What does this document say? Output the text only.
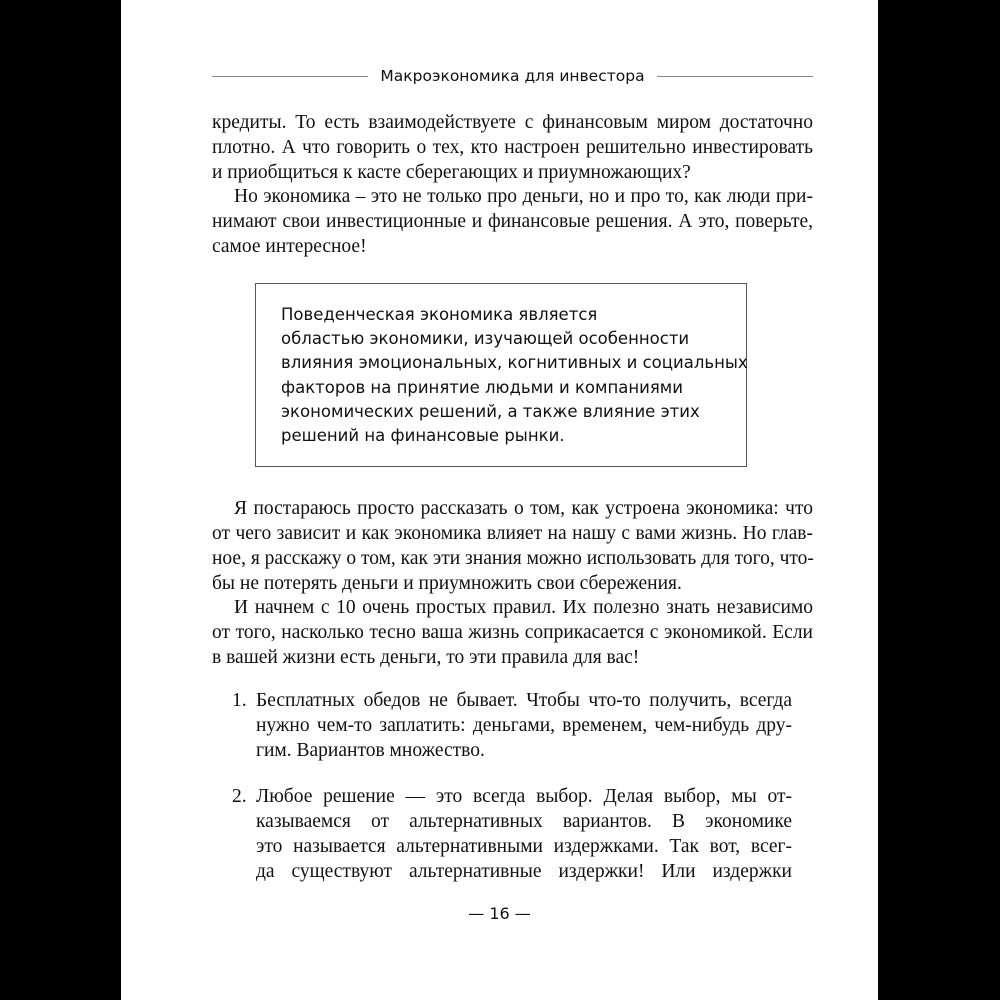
Макроэкономика для инвестора

кредиты. То есть взаимодействуете с финансовым миром достаточно
плотно. А что говорить о тех, кто настроен решительно инвестировать
и приобщиться к касте сберегающих и приумножающих?

Но экономика – это не только про деньги, но и про то, как люди при-
нимают свои инвестиционные и финансовые решения. А это, поверьте,
самое интересное!

Поведенческая экономика является
областью экономики, изучающей особенности
влияния эмоциональных, когнитивных и социальных
факторов на принятие людьми и компаниями
экономических решений, а также влияние этих
решений на финансовые рынки.

Я постараюсь просто рассказать о том, как устроена экономика: что
от чего зависит и как экономика влияет на нашу с вами жизнь. Но глав-
ное, я расскажу о том, как эти знания можно использовать для того, что-
бы не потерять деньги и приумножить свои сбережения.

И начнем с 10 очень простых правил. Их полезно знать независимо
от того, насколько тесно ваша жизнь соприкасается с экономикой. Если
в вашей жизни есть деньги, то эти правила для вас!

1. Бесплатных обедов не бывает. Чтобы что-то получить, всегда
нужно чем-то заплатить: деньгами, временем, чем-нибудь дру-
гим. Вариантов множество.
2. Любое решение — это всегда выбор. Делая выбор, мы от-
казываемся от альтернативных вариантов. В экономике
это называется альтернативными издержками. Так вот, всег-
да существуют альтернативные издержки! Или издержки
— 16 —
